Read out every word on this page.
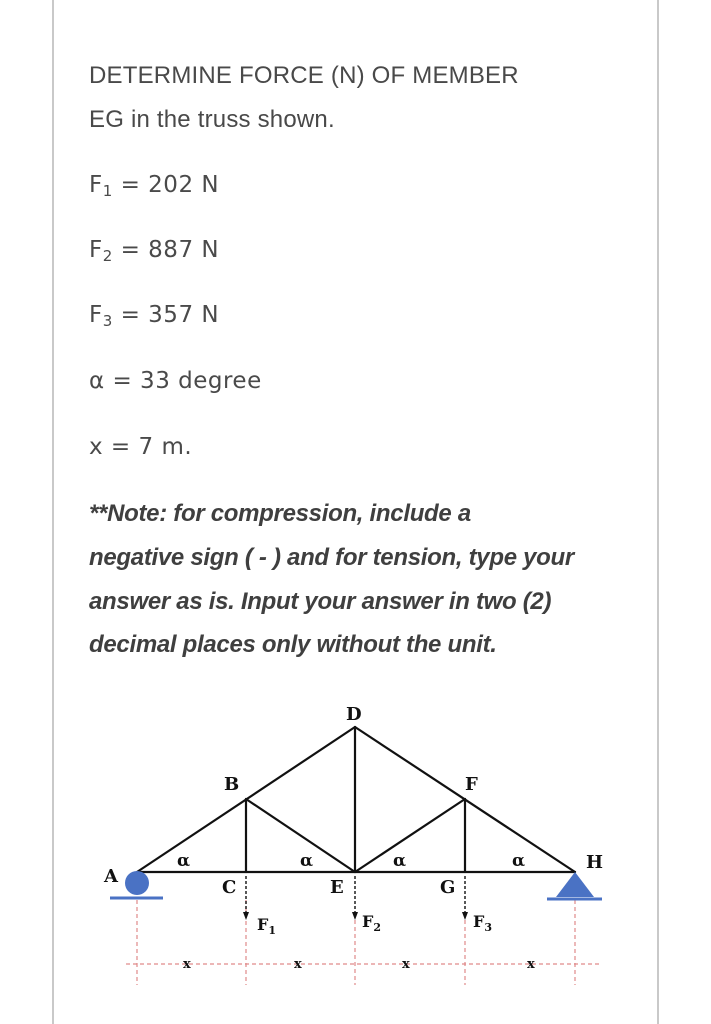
DETERMINE FORCE (N) OF MEMBER
EG in the truss shown.
$F_1 = 202$ N
$F_2 = 887$ N
$F_3 = 357$ N
α = 33 degree
x = 7 m.
**Note: for compression, include a
negative sign ( - ) and for tension, type your
answer as is. Input your answer in two (2)
decimal places only without the unit.
A
B
C
D
E
F
G
H
α	α	α	α
$F_1$	$F_2$	$F_3$
x	x	x	x
